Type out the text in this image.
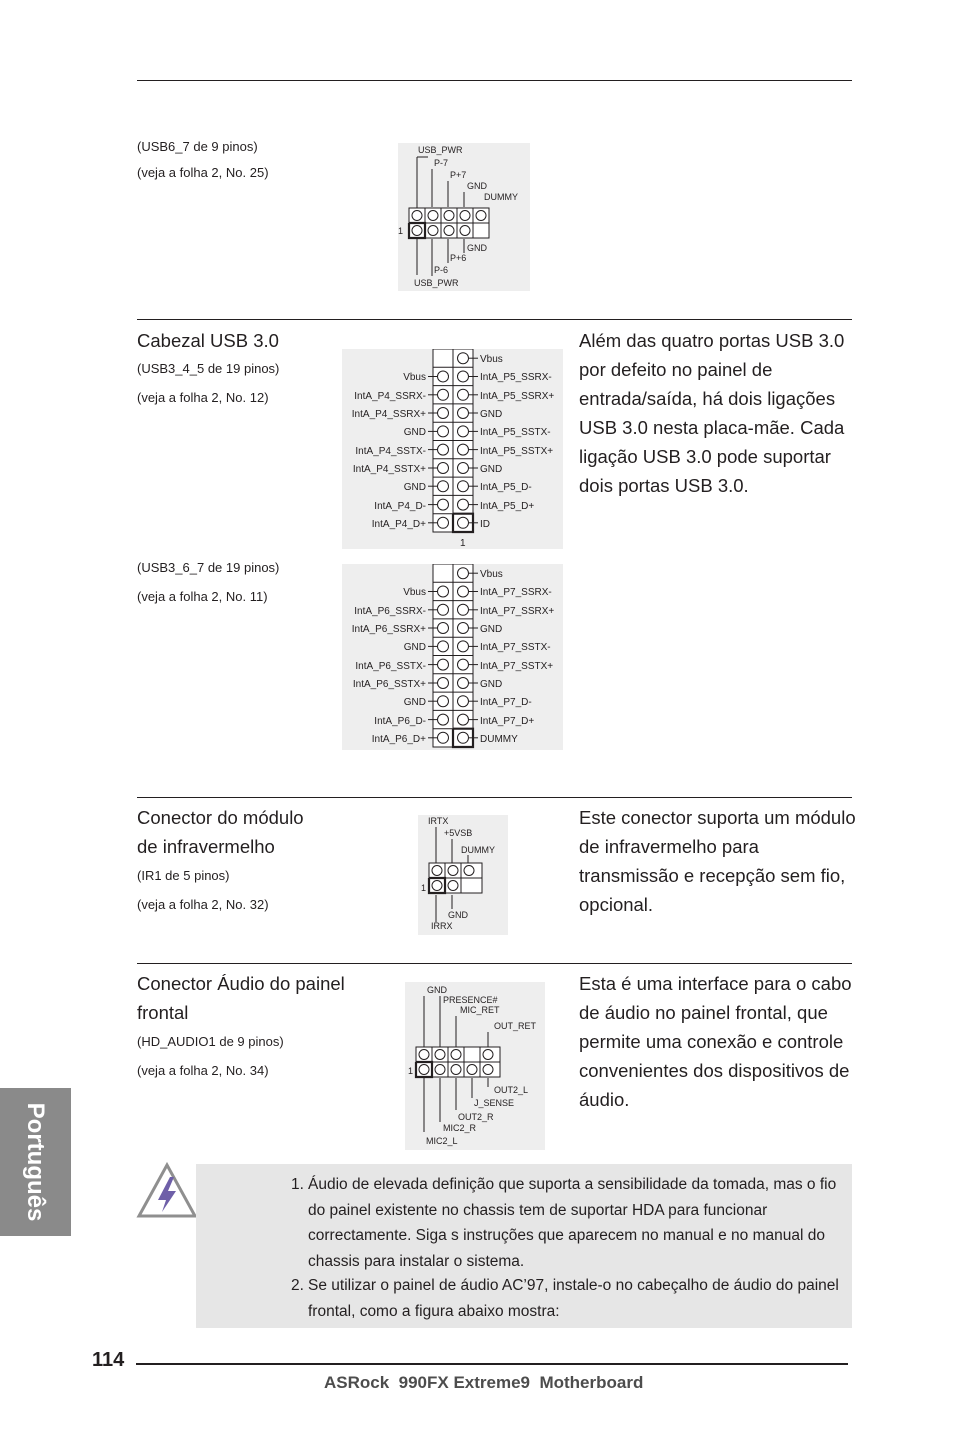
(USB6_7 de 9 pinos)
(veja a folha 2, No. 25)
USB_PWR
P-7
P+7
GND
DUMMY
1
GND
P+6
P-6
USB_PWR
Cabezal USB 3.0
(USB3_4_5 de 19 pinos)
(veja a folha 2, No. 12)
Além das quatro portas USB 3.0 por defeito no painel de entrada/saída, há dois ligações USB 3.0 nesta placa-mãe. Cada ligação USB 3.0 pode suportar dois portas USB 3.0.
Vbus
IntA_P5_SSRX-
IntA_P5_SSRX+
GND
IntA_P5_SSTX-
IntA_P5_SSTX+
GND
IntA_P5_D-
IntA_P5_D+
ID
Vbus
IntA_P4_SSRX-
IntA_P4_SSRX+
GND
IntA_P4_SSTX-
IntA_P4_SSTX+
GND
IntA_P4_D-
IntA_P4_D+
1
(USB3_6_7 de 19 pinos)
(veja a folha 2, No. 11)
Vbus
IntA_P7_SSRX-
IntA_P7_SSRX+
GND
IntA_P7_SSTX-
IntA_P7_SSTX+
GND
IntA_P7_D-
IntA_P7_D+
DUMMY
Vbus
IntA_P6_SSRX-
IntA_P6_SSRX+
GND
IntA_P6_SSTX-
IntA_P6_SSTX+
GND
IntA_P6_D-
IntA_P6_D+
Conector do módulo
de infravermelho
(IR1 de 5 pinos)
(veja a folha 2, No. 32)
Este conector suporta um módulo de infravermelho para transmissão e recepção sem fio, opcional.
IRTX
+5VSB
DUMMY
1
GND
IRRX
Conector Áudio do painel
frontal
(HD_AUDIO1 de 9 pinos)
(veja a folha 2, No. 34)
Esta é uma interface para o cabo de áudio no painel frontal, que permite uma conexão e controle convenientes dos dispositivos de áudio.
GND
PRESENCE#
MIC_RET
OUT_RET
1
OUT2_L
J_SENSE
OUT2_R
MIC2_R
MIC2_L
1. Áudio de elevada definição que suporta a sensibilidade da tomada, mas o fio do painel existente no chassis tem de suportar HDA para funcionar correctamente. Siga s instruções que aparecem no manual e no manual do chassis para instalar o sistema.
2. Se utilizar o painel de áudio AC’97, instale-o no cabeçalho de áudio do painel frontal, como a figura abaixo mostra:
Português
114
ASRock  990FX Extreme9  Motherboard
